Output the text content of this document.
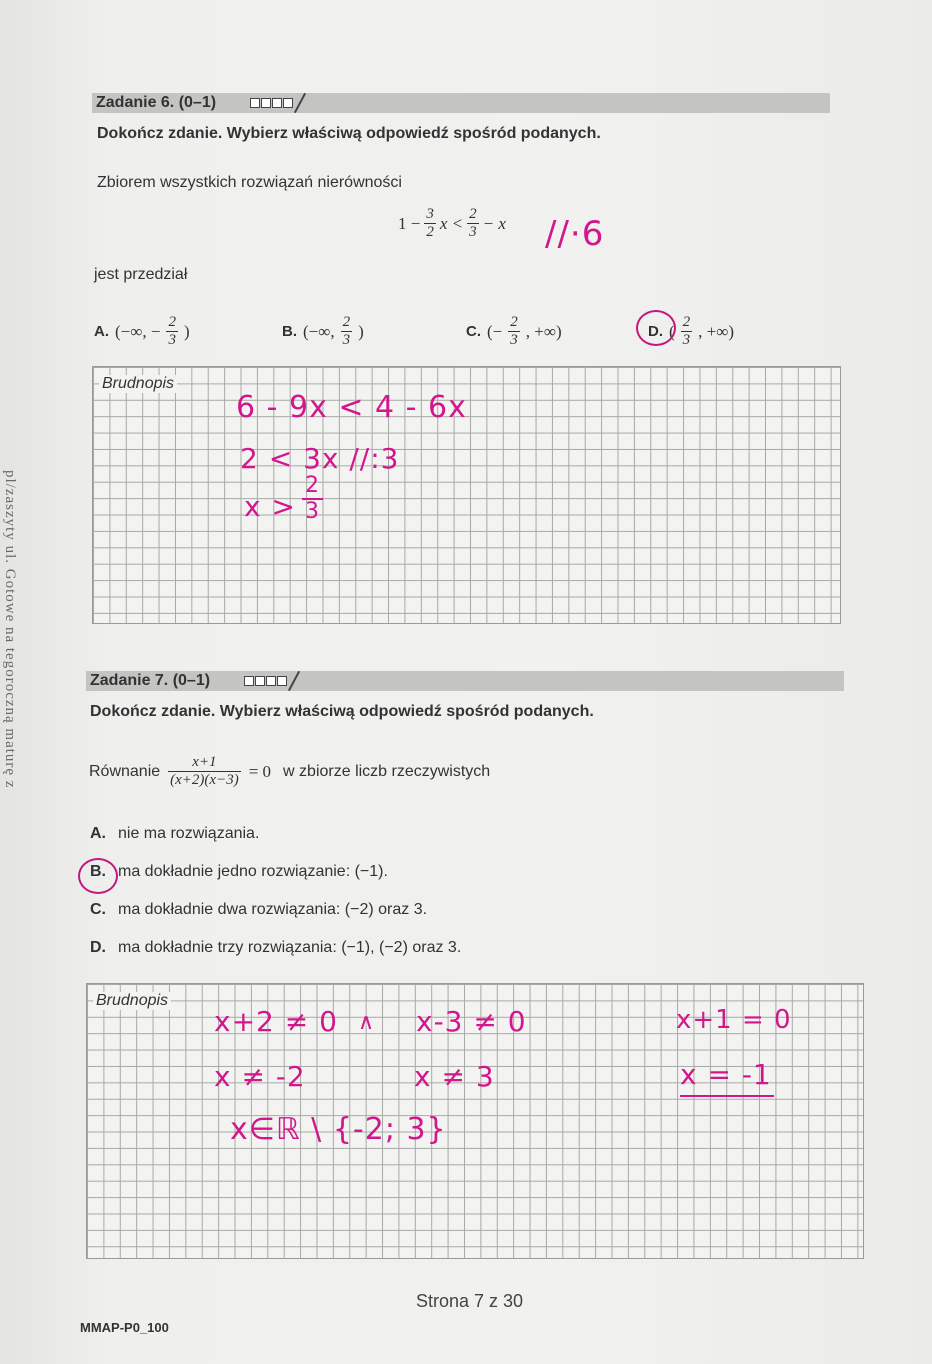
pl/zaszyty ul. Gotowe na tegoroczną maturę z
Zadanie 6. (0–1)
Dokończ zdanie. Wybierz właściwą odpowiedź spośród podanych.
Zbiorem wszystkich rozwiązań nierówności
$1 - \frac{3}{2}$ $x < \frac{2}{3} - x$ //·6
jest przedział
A. (−∞, − $\frac{2}{3}$ )	B. (−∞, $\frac{2}{3}$ )	C. (− $\frac{2}{3}$ , +∞)	D. ( $\frac{2}{3}$ , +∞)
Brudnopis
6 - 9x < 4 - 6x
2 < 3x //:3
$x > \frac{2}{3}$
Zadanie 7. (0–1)
Dokończ zdanie. Wybierz właściwą odpowiedź spośród podanych.
Równanie $\frac{x+1}{(x+2)(x-3)} = 0$ w zbiorze liczb rzeczywistych
A. nie ma rozwiązania.
B. ma dokładnie jedno rozwiązanie: (−1).
C. ma dokładnie dwa rozwiązania: (−2) oraz 3.
D. ma dokładnie trzy rozwiązania: (−1), (−2) oraz 3.
Brudnopis
x+2 ≠ 0 ∧ x-3 ≠ 0	x+1 = 0
x ≠ -2	x ≠ 3	x = -1
x∈ℝ \ {-2; 3}
Strona 7 z 30
MMAP-P0_100
